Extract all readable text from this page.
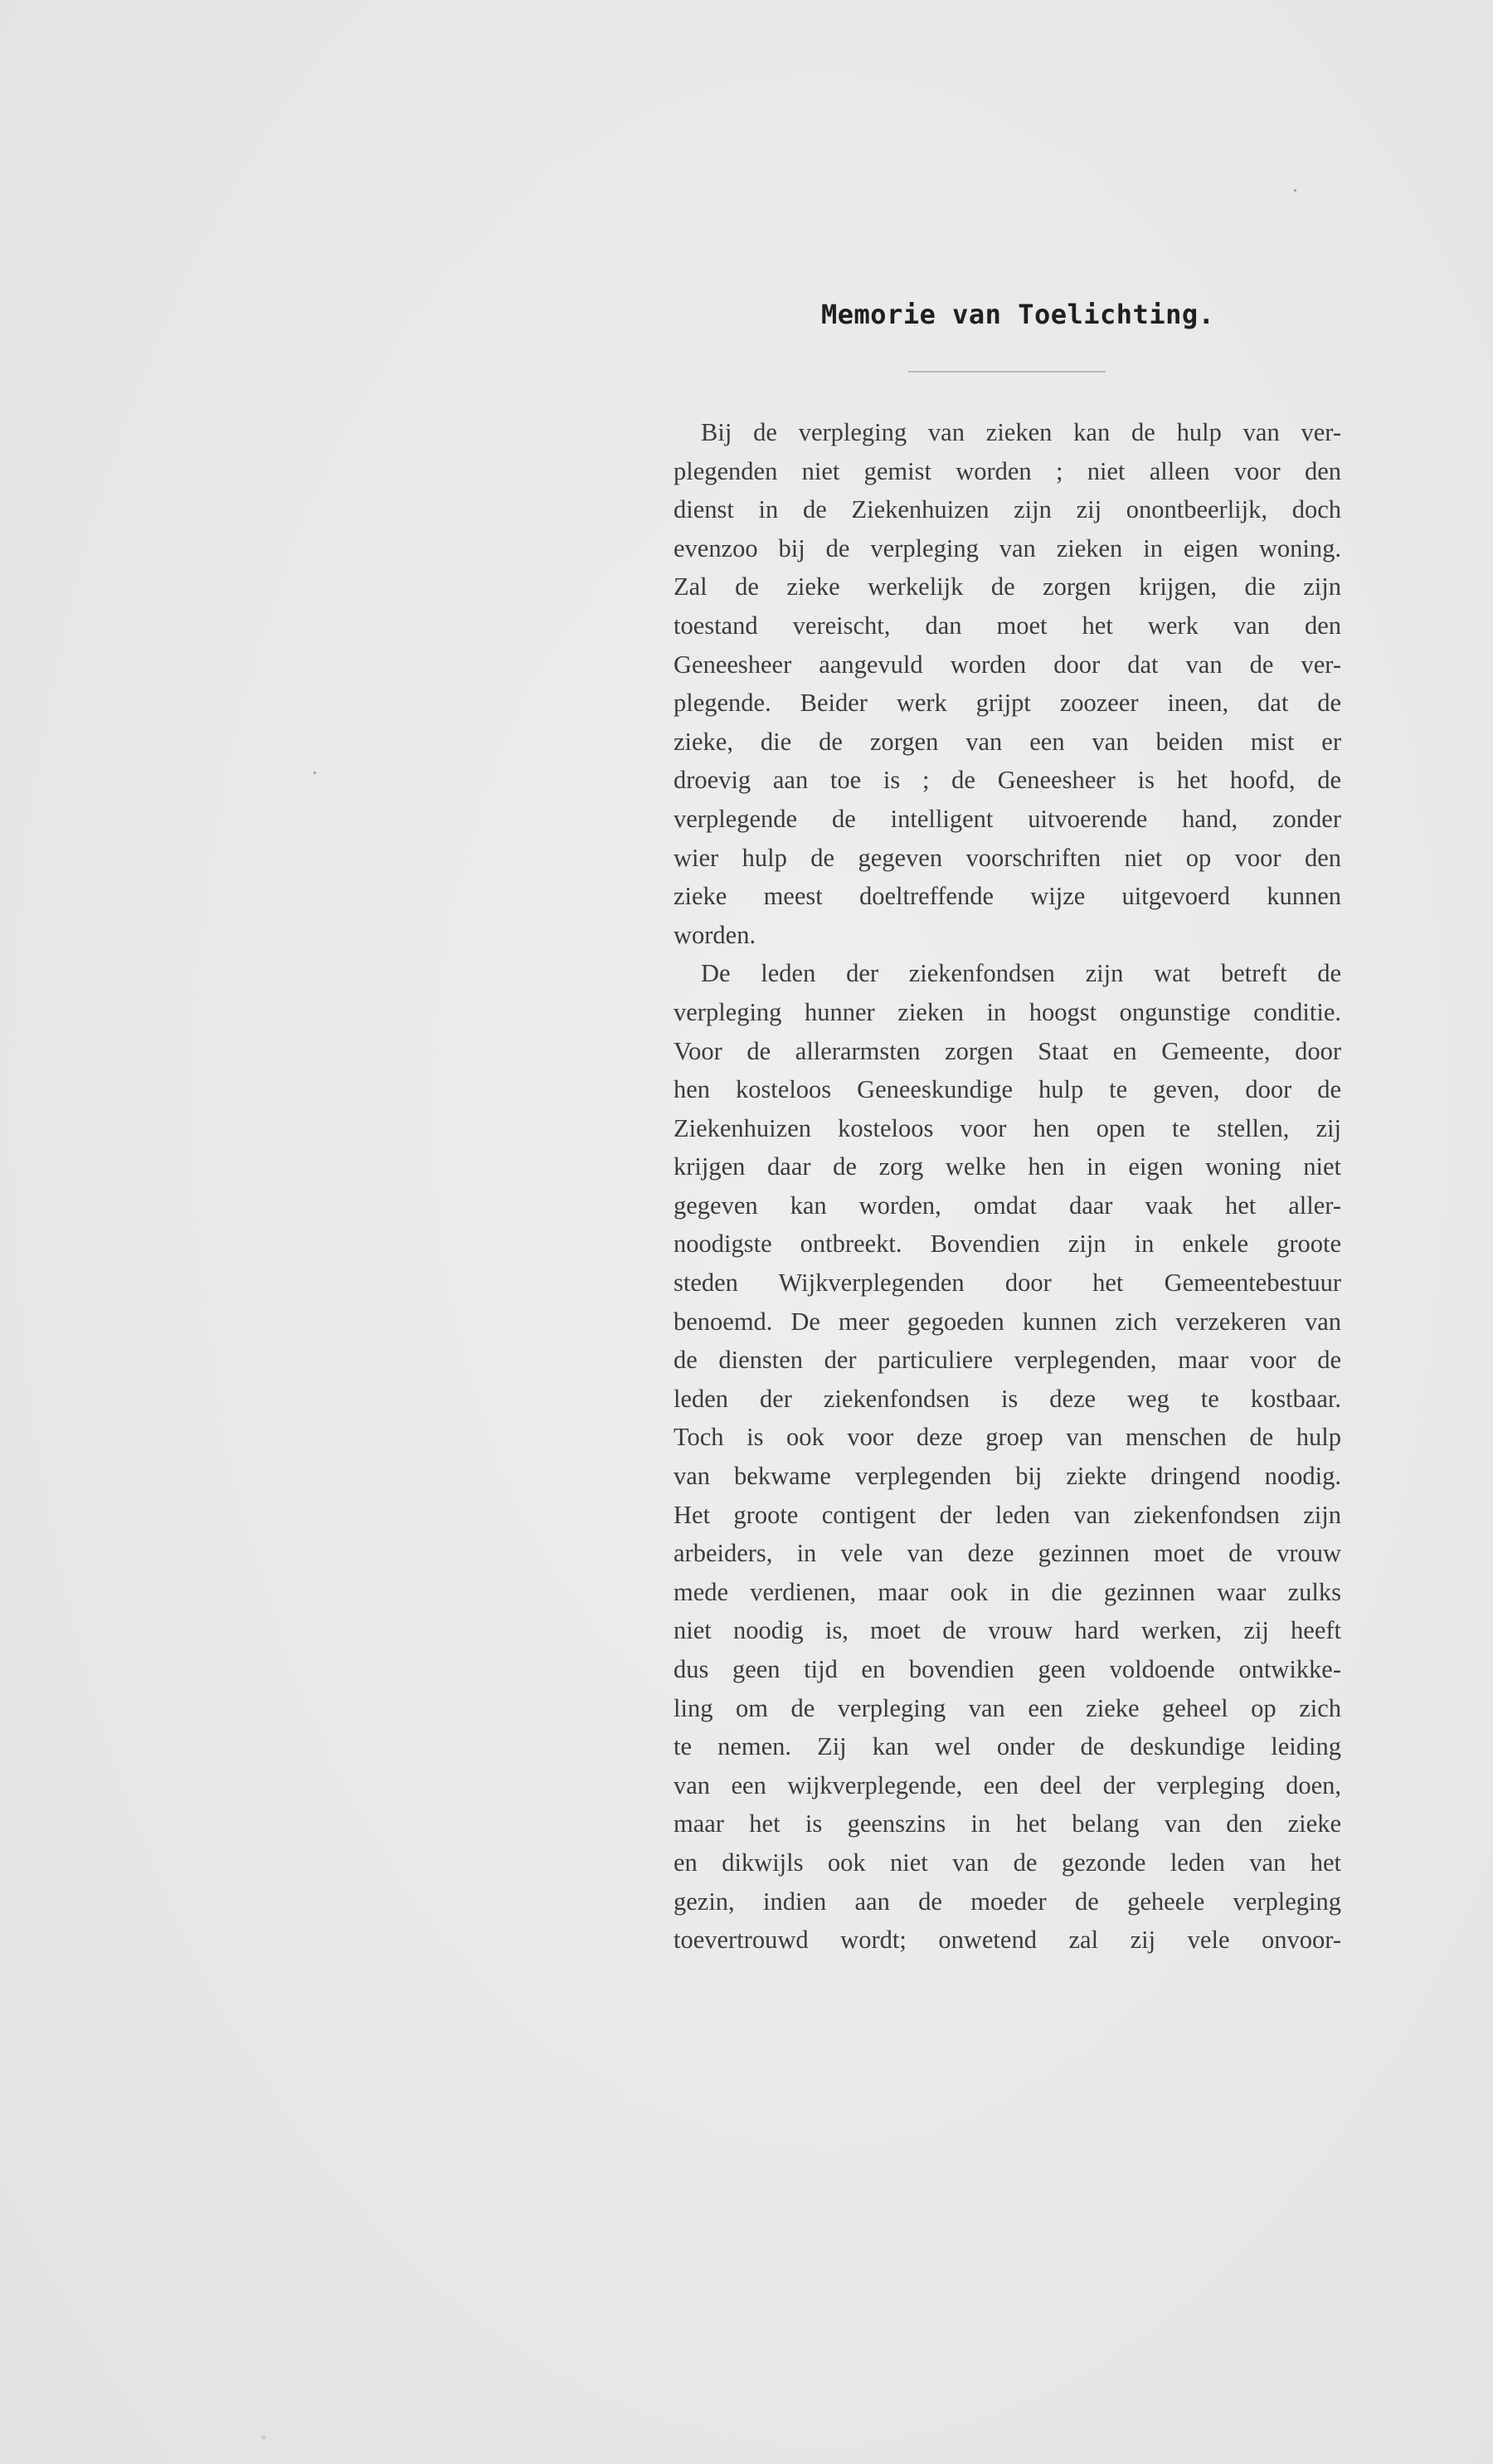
Memorie van Toelichting.
Bij de verpleging van zieken kan de hulp van ver-
plegenden niet gemist worden ; niet alleen voor den
dienst in de Ziekenhuizen zijn zij onontbeerlijk, doch
evenzoo bij de verpleging van zieken in eigen woning.
Zal de zieke werkelijk de zorgen krijgen, die zijn
toestand vereischt, dan moet het werk van den
Geneesheer aangevuld worden door dat van de ver-
plegende. Beider werk grijpt zoozeer ineen, dat de
zieke, die de zorgen van een van beiden mist er
droevig aan toe is ; de Geneesheer is het hoofd, de
verplegende de intelligent uitvoerende hand, zonder
wier hulp de gegeven voorschriften niet op voor den
zieke meest doeltreffende wijze uitgevoerd kunnen
worden.
De leden der ziekenfondsen zijn wat betreft de
verpleging hunner zieken in hoogst ongunstige conditie.
Voor de allerarmsten zorgen Staat en Gemeente, door
hen kosteloos Geneeskundige hulp te geven, door de
Ziekenhuizen kostelоos voor hen open te stellen, zij
krijgen daar de zorg welke hen in eigen woning niet
gegeven kan worden, omdat daar vaak het aller-
noodigste ontbreekt. Bovendien zijn in enkele groote
steden Wijkverplegenden door het Gemeentebestuur
benoemd. De meer gegoeden kunnen zich verzekeren van
de diensten der particuliere verplegenden, maar voor de
leden der ziekenfondsen is deze weg te kostbaar.
Toch is ook voor deze groep van menschen de hulp
van bekwame verplegenden bij ziekte dringend noodig.
Het groote contigent der leden van ziekenfondsen zijn
arbeiders, in vele van deze gezinnen moet de vrouw
mede verdienen, maar ook in die gezinnen waar zulks
niet noodig is, moet de vrouw hard werken, zij heeft
dus geen tijd en bovendien geen voldoende ontwikke-
ling om de verpleging van een zieke geheel op zich
te nemen. Zij kan wel onder de deskundige leiding
van een wijkverplegende, een deel der verpleging doen,
maar het is geenszins in het belang van den zieke
en dikwijls ook niet van de gezonde leden van het
gezin, indien aan de moeder de geheele verpleging
toevertrouwd wordt; onwetend zal zij vele onvoor-
